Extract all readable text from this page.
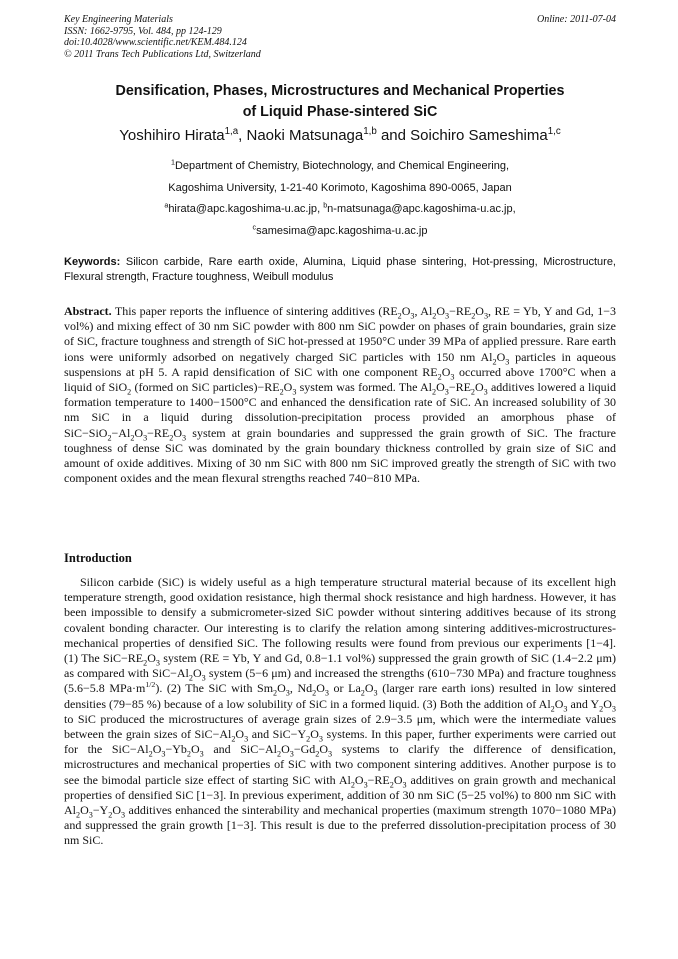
Key Engineering Materials
ISSN: 1662-9795, Vol. 484, pp 124-129
doi:10.4028/www.scientific.net/KEM.484.124
© 2011 Trans Tech Publications Ltd, Switzerland
Online: 2011-07-04
Densification, Phases, Microstructures and Mechanical Properties
of Liquid Phase-sintered SiC
Yoshihiro Hirata$^{1,a}$, Naoki Matsunaga$^{1,b}$ and Soichiro Sameshima$^{1,c}$
$^1$Department of Chemistry, Biotechnology, and Chemical Engineering,
Kagoshima University, 1-21-40 Korimoto, Kagoshima 890-0065, Japan
$^a$hirata@apc.kagoshima-u.ac.jp, $^b$n-matsunaga@apc.kagoshima-u.ac.jp,
$^c$samesima@apc.kagoshima-u.ac.jp
Keywords: Silicon carbide, Rare earth oxide, Alumina, Liquid phase sintering, Hot-pressing, Microstructure, Flexural strength, Fracture toughness, Weibull modulus
Abstract. This paper reports the influence of sintering additives ($RE_2O_3$, $Al_2O_3-RE_2O_3$, RE = Yb, Y and Gd, 1−3 vol%) and mixing effect of 30 nm SiC powder with 800 nm SiC powder on phases of grain boundaries, grain size of SiC, fracture toughness and strength of SiC hot-pressed at 1950°C under 39 MPa of applied pressure. Rare earth ions were uniformly adsorbed on negatively charged SiC particles with 150 nm $Al_2O_3$ particles in aqueous suspensions at pH 5. A rapid densification of SiC with one component $RE_2O_3$ occurred above 1700°C when a liquid of SiO$_2$ (formed on SiC $particles)-RE_2O_3$ system was formed. The $Al_2O_3-RE_2O_3$ additives lowered a liquid formation temperature to 1400−1500°C and enhanced the densification rate of SiC. An increased solubility of 30 nm SiC in a liquid during dissolution-precipitation process provided an amorphous phase of $SiC-SiO_2-Al_2O_3-RE_2O_3$ system at grain boundaries and suppressed the grain growth of SiC. The fracture toughness of dense SiC was dominated by the grain boundary thickness controlled by grain size of SiC and amount of oxide additives. Mixing of 30 nm SiC with 800 nm SiC improved greatly the strength of SiC with two component oxides and the mean flexural strengths reached 740−810 MPa.
Introduction

Silicon carbide (SiC) is widely useful as a high temperature structural material because of its excellent high temperature strength, good oxidation resistance, high thermal shock resistance and high hardness. However, it has been impossible to densify a submicrometer-sized SiC powder without sintering additives because of its strong covalent bonding character. Our interesting is to clarify the relation among sintering additives-microstructures-mechanical properties of densified SiC. The following results were found from previous our experiments [1−4]. (1) The $SiC-RE_2O_3$ system (RE = Yb, Y and Gd, 0.8−1.1 vol%) suppressed the grain growth of SiC (1.4−2.2 μm) as compared with $SiC-Al_2O_3$ system (5−6 μm) and increased the strengths (610−730 MPa) and fracture toughness (5.6−5.8 $MPa\cdot m^{1/2}$). (2) The SiC with $Sm_2O_3$, $Nd_2O_3$ or $La_2O_3$ (larger rare earth ions) resulted in low sintered densities (79−85 %) because of a low solubility of SiC in a formed liquid. (3) Both the addition of $Al_2O_3$ and $Y_2O_3$ to SiC produced the microstructures of average grain sizes of 2.9−3.5 μm, which were the intermediate values between the grain sizes of $SiC-Al_2O_3$ and $SiC-Y_2O_3$ systems. In this paper, further experiments were carried out for the $SiC-Al_2O_3-Yb_2O_3$ and $SiC-Al_2O_3-Gd_2O_3$ systems to clarify the difference of densification, microstructures and mechanical properties of SiC with two component sintering additives. Another purpose is to see the bimodal particle size effect of starting SiC with $Al_2O_3-RE_2O_3$ additives on grain growth and mechanical properties of densified SiC [1−3]. In previous experiment, addition of 30 nm SiC (5−25 vol%) to 800 nm SiC with $Al_2O_3-Y_2O_3$ additives enhanced the sinterability and mechanical properties (maximum strength 1070−1080 MPa) and suppressed the grain growth [1−3]. This result is due to the preferred dissolution-precipitation process of 30 nm SiC.
